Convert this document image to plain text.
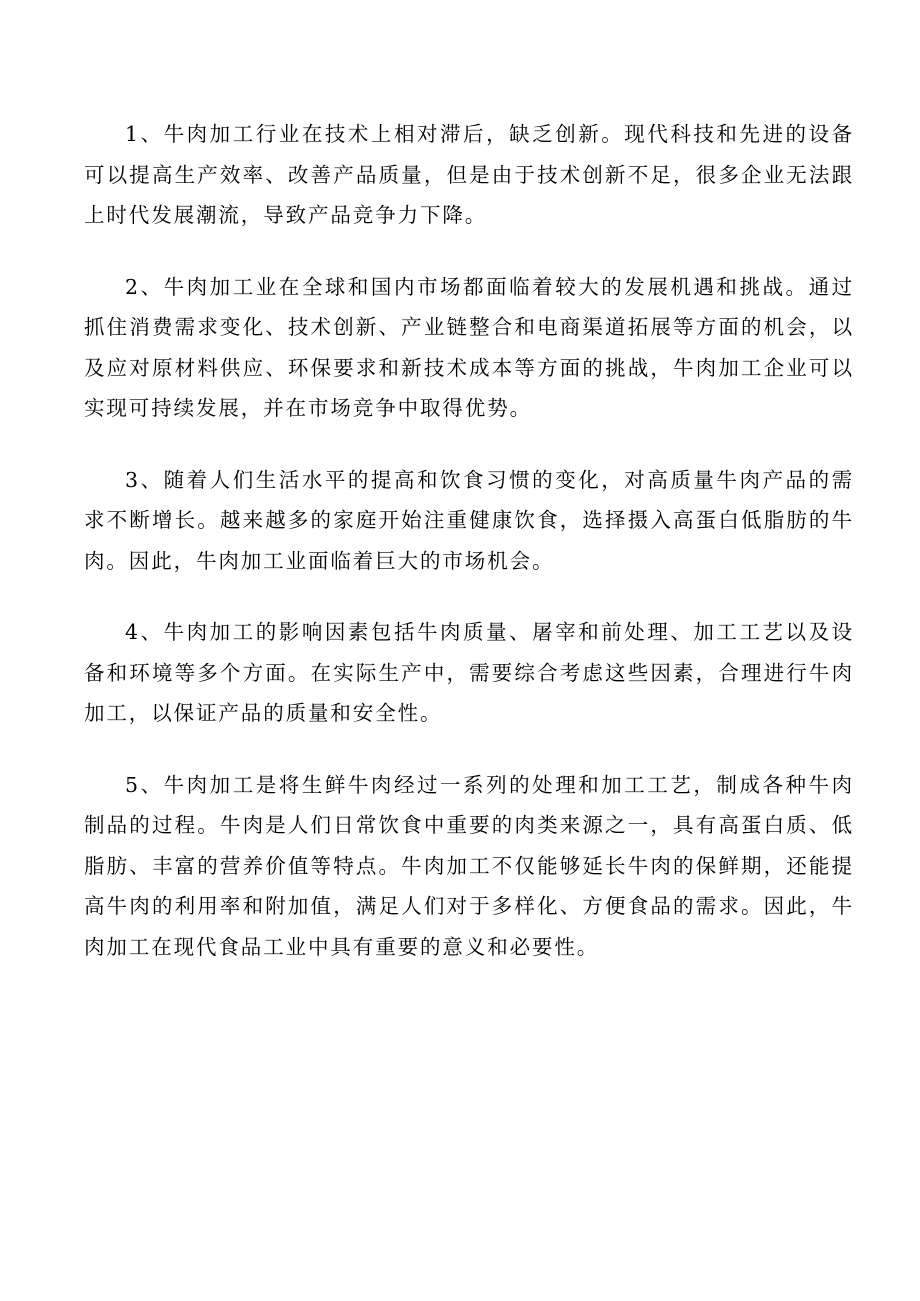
1、牛肉加工行业在技术上相对滞后，缺乏创新。现代科技和先进的设备可以提高生产效率、改善产品质量，但是由于技术创新不足，很多企业无法跟上时代发展潮流，导致产品竞争力下降。

2、牛肉加工业在全球和国内市场都面临着较大的发展机遇和挑战。通过抓住消费需求变化、技术创新、产业链整合和电商渠道拓展等方面的机会，以及应对原材料供应、环保要求和新技术成本等方面的挑战，牛肉加工企业可以实现可持续发展，并在市场竞争中取得优势。

3、随着人们生活水平的提高和饮食习惯的变化，对高质量牛肉产品的需求不断增长。越来越多的家庭开始注重健康饮食，选择摄入高蛋白低脂肪的牛肉。因此，牛肉加工业面临着巨大的市场机会。

4、牛肉加工的影响因素包括牛肉质量、屠宰和前处理、加工工艺以及设备和环境等多个方面。在实际生产中，需要综合考虑这些因素，合理进行牛肉加工，以保证产品的质量和安全性。

5、牛肉加工是将生鲜牛肉经过一系列的处理和加工工艺，制成各种牛肉制品的过程。牛肉是人们日常饮食中重要的肉类来源之一，具有高蛋白质、低脂肪、丰富的营养价值等特点。牛肉加工不仅能够延长牛肉的保鲜期，还能提高牛肉的利用率和附加值，满足人们对于多样化、方便食品的需求。因此，牛肉加工在现代食品工业中具有重要的意义和必要性。
